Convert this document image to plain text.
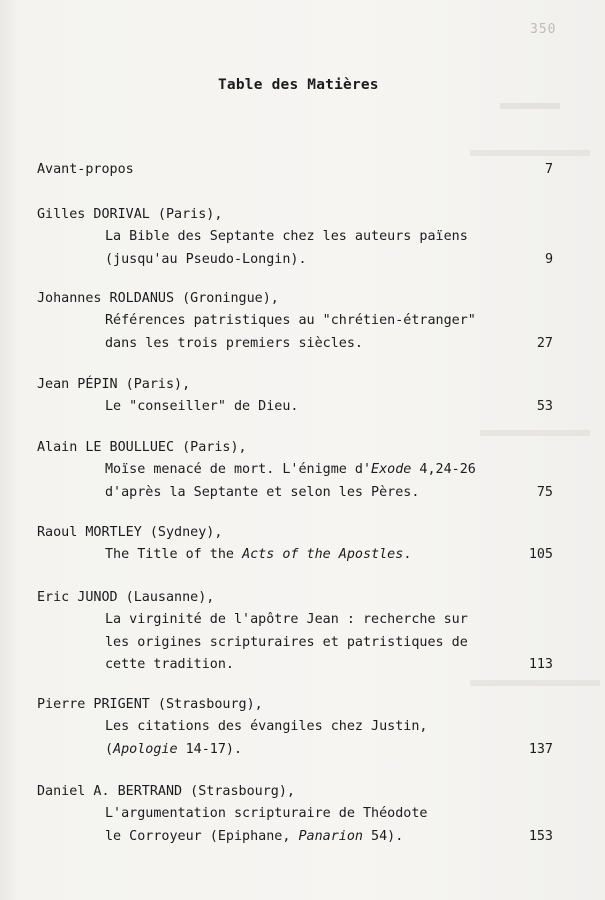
350
Table des Matières
Avant-propos	7
Gilles DORIVAL (Paris),
La Bible des Septante chez les auteurs païens
(jusqu'au Pseudo-Longin).	9
Johannes ROLDANUS (Groningue),
Références patristiques au "chrétien-étranger"
dans les trois premiers siècles.	27
Jean PÉPIN (Paris),
Le "conseiller" de Dieu.	53
Alain LE BOULLUEC (Paris),
Moïse menacé de mort. L'énigme d'Exode 4,24-26
d'après la Septante et selon les Pères.	75
Raoul MORTLEY (Sydney),
The Title of the Acts of the Apostles.	105
Eric JUNOD (Lausanne),
La virginité de l'apôtre Jean : recherche sur
les origines scripturaires et patristiques de
cette tradition.	113
Pierre PRIGENT (Strasbourg),
Les citations des évangiles chez Justin,
(Apologie 14-17).	137
Daniel A. BERTRAND (Strasbourg),
L'argumentation scripturaire de Théodote
le Corroyeur (Epiphane, Panarion 54).	153
